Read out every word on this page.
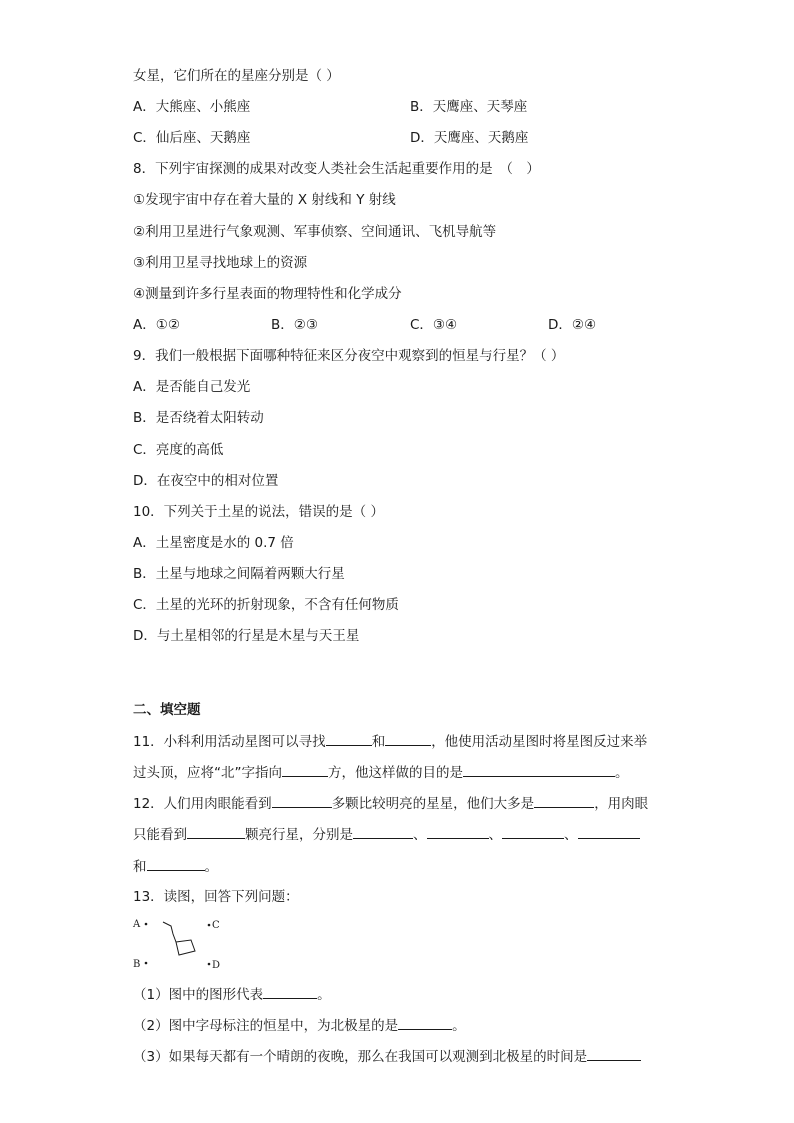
女星，它们所在的星座分别是（ ）
A．大熊座、小熊座	B．天鹰座、天琴座
C．仙后座、天鹅座	D．天鹰座、天鹅座
8．下列宇宙探测的成果对改变人类社会生活起重要作用的是　（　）
①发现宇宙中存在着大量的 X 射线和 Y 射线
②利用卫星进行气象观测、军事侦察、空间通讯、飞机导航等
③利用卫星寻找地球上的资源
④测量到许多行星表面的物理特性和化学成分
A．①②	B．②③	C．③④	D．②④
9．我们一般根据下面哪种特征来区分夜空中观察到的恒星与行星？（ ）
A．是否能自己发光
B．是否绕着太阳转动
C．亮度的高低
D．在夜空中的相对位置
10．下列关于土星的说法，错误的是（ ）
A．土星密度是水的 0.7 倍
B．土星与地球之间隔着两颗大行星
C．土星的光环的折射现象，不含有任何物质
D．与土星相邻的行星是木星与天王星
二、填空题
11．小科利用活动星图可以寻找	和	，他使用活动星图时将星图反过来举
过头顶，应将“北”字指向	方，他这样做的目的是	。
12．人们用肉眼能看到	多颗比较明亮的星星，他们大多是	，用肉眼
只能看到	颗亮行星，分别是	、	、	、
和	。
13．读图，回答下列问题：
A
B
C
D
（1）图中的图形代表	。
（2）图中字母标注的恒星中，为北极星的是	。
（3）如果每天都有一个晴朗的夜晚，那么在我国可以观测到北极星的时间是
